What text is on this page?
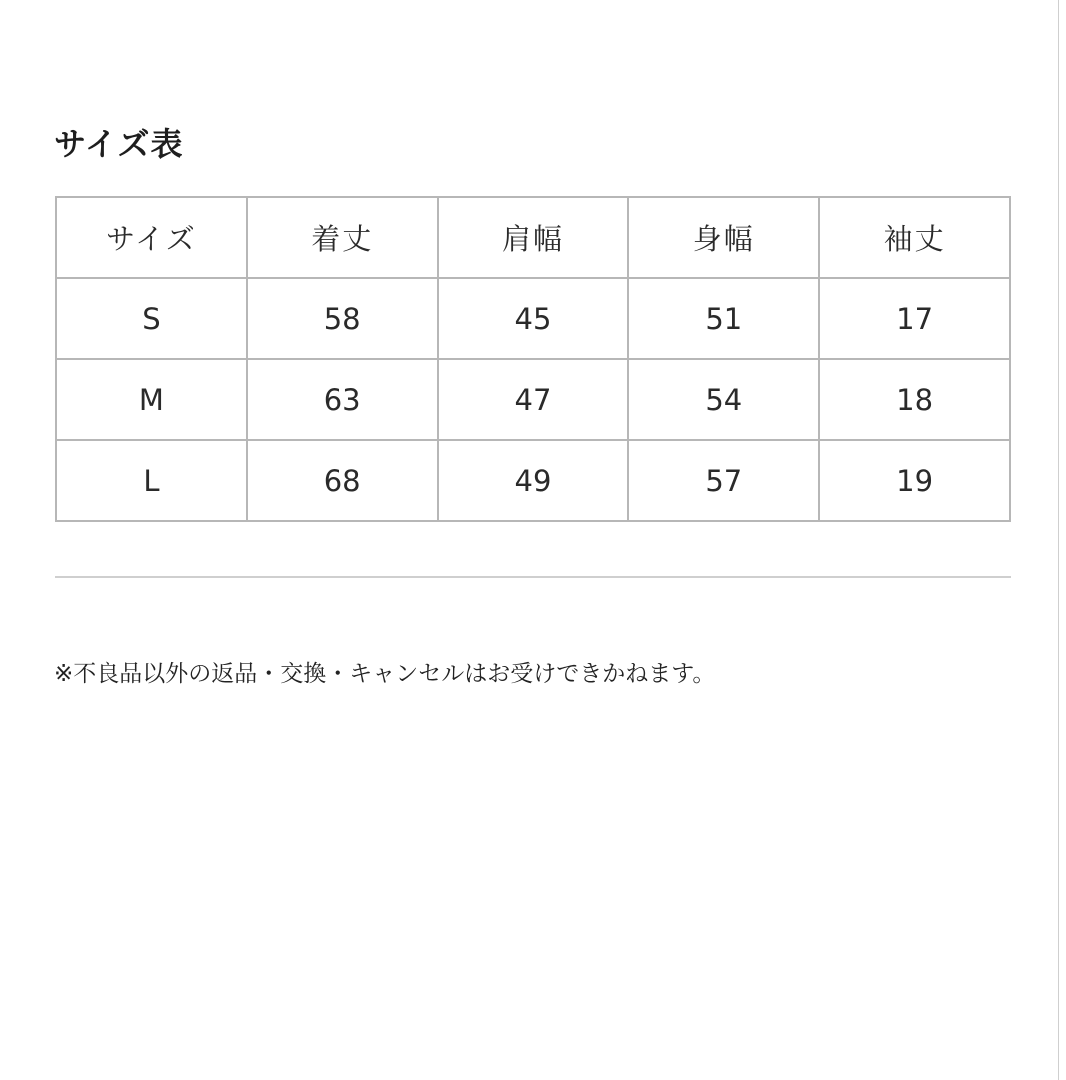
サイズ表
サイズ	着丈	肩幅	身幅	袖丈
S	58	45	51	17
M	63	47	54	18
L	68	49	57	19

※不良品以外の返品・交換・キャンセルはお受けできかねます。
